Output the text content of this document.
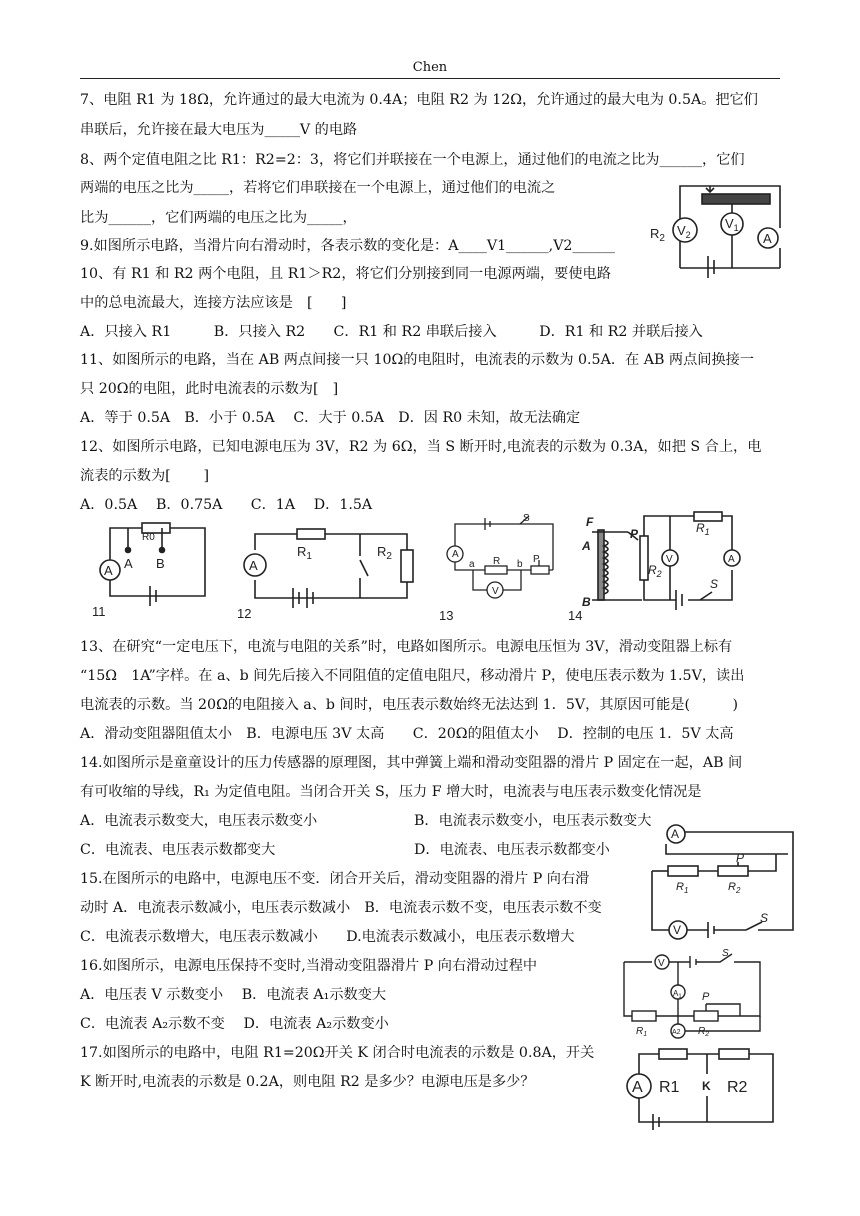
Chen
7、电阻 R1 为 18Ω，允许通过的最大电流为 0.4A；电阻 R2 为 12Ω，允许通过的最大电为 0.5A。把它们
串联后，允许接在最大电压为_____V 的电路
8、两个定值电阻之比 R1：R2=2：3，将它们并联接在一个电源上，通过他们的电流之比为______，它们
两端的电压之比为_____，若将它们串联接在一个电源上，通过他们的电流之
比为______，它们两端的电压之比为_____，
9.如图所示电路，当滑片向右滑动时，各表示数的变化是：A____V1______,V2______
10、有 R1 和 R2 两个电阻，且 R1＞R2，将它们分别接到同一电源两端，要使电路
中的总电流最大，连接方法应该是　[　　]
A．只接入 R1　　　B．只接入 R2　　C．R1 和 R2 串联后接入　　　D．R1 和 R2 并联后接入
11、如图所示的电路，当在 AB 两点间接一只 10Ω的电阻时，电流表的示数为 0.5A．在 AB 两点间换接一
只 20Ω的电阻，此时电流表的示数为[　]
A．等于 0.5A　B．小于 0.5A　 C．大于 0.5A　D．因 R0 未知，故无法确定
12、如图所示电路，已知电源电压为 3V，R2 为 6Ω，当 S 断开时,电流表的示数为 0.3A，如把 S 合上，电
流表的示数为[　　 ]
A．0.5A　 B．0.75A　　C．1A　 D．1.5A
13、在研究“一定电压下，电流与电阻的关系”时，电路如图所示。电源电压恒为 3V，滑动变阻器上标有
“15Ω　1A”字样。在 a、b 间先后接入不同阻值的定值电阻尺，移动滑片 P，使电压表示数为 1.5V，读出
电流表的示数。当 20Ω的电阻接入 a、b 间时，电压表示数始终无法达到 1．5V，其原因可能是(　　　)
A．滑动变阻器阻值太小　B．电源电压 3V 太高　　C．20Ω的阻值太小　 D．控制的电压 1．5V 太高
14.如图所示是童童设计的压力传感器的原理图，其中弹簧上端和滑动变阻器的滑片 P 固定在一起，AB 间
有可收缩的导线，R₁ 为定值电阻。当闭合开关 S，压力 F 增大时，电流表与电压表示数变化情况是
A．电流表示数变大，电压表示数变小	B．电流表示数变小，电压表示数变大
C．电流表、电压表示数都变大	D．电流表、电压表示数都变小
15.在图所示的电路中，电源电压不变．闭合开关后，滑动变阻器的滑片 P 向右滑
动时 A．电流表示数减小，电压表示数减小　B．电流表示数不变，电压表示数不变
C．电流表示数增大，电压表示数减小　　D.电流表示数减小，电压表示数增大
16.如图所示，电源电压保持不变时,当滑动变阻器滑片 P 向右滑动过程中
A．电压表 V 示数变小　 B．电流表 A₁示数变大
C．电流表 A₂示数不变　 D．电流表 A₂示数变小
17.如图所示的电路中，电阻 R1=20Ω开关 K 闭合时电流表的示数是 0.8A，开关
K 断开时,电流表的示数是 0.2A，则电阻 R2 是多少？电源电压是多少？
$R_2$
$V_2$
$V_1$
A
R0
A A B
11
A
$R_1$	$R_2$
12
A
S
a R b P
V
13
F
A
P
B
$R_2$
V
$R_1$
A
S
14
A
P
$R_1$	$R_2$
V
S
V
S
$A_1$ P
$R_1$	$R_2$
A2
A R1 K R2
